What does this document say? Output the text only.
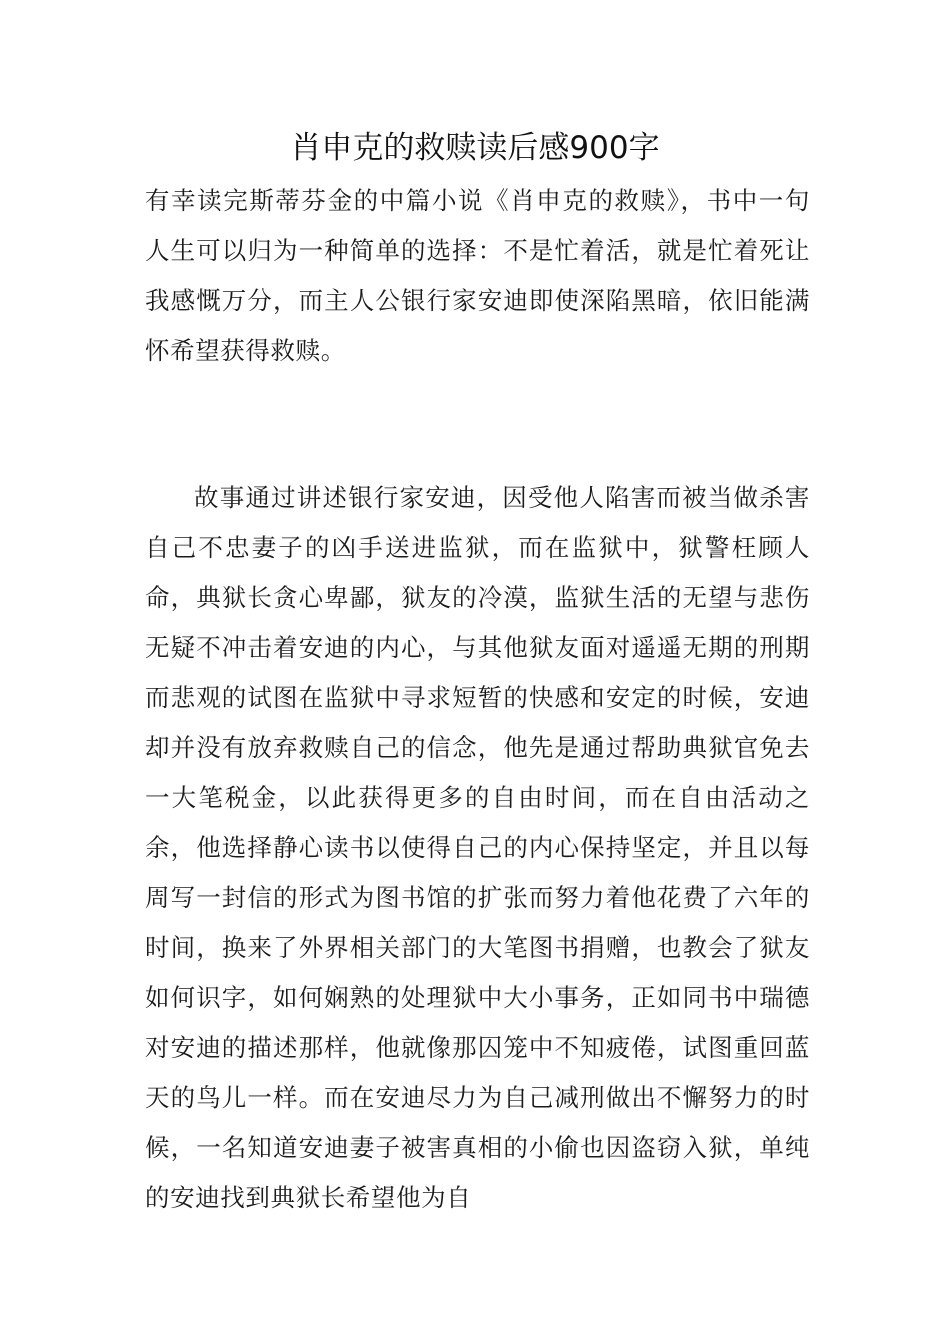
肖申克的救赎读后感900字

有幸读完斯蒂芬金的中篇小说《肖申克的救赎》，书中一句人生可以归为一种简单的选择：不是忙着活，就是忙着死让我感慨万分，而主人公银行家安迪即使深陷黑暗，依旧能满怀希望获得救赎。

故事通过讲述银行家安迪，因受他人陷害而被当做杀害自己不忠妻子的凶手送进监狱，而在监狱中，狱警枉顾人命，典狱长贪心卑鄙，狱友的冷漠，监狱生活的无望与悲伤无疑不冲击着安迪的内心，与其他狱友面对遥遥无期的刑期而悲观的试图在监狱中寻求短暂的快感和安定的时候，安迪却并没有放弃救赎自己的信念，他先是通过帮助典狱官免去一大笔税金，以此获得更多的自由时间，而在自由活动之余，他选择静心读书以使得自己的内心保持坚定，并且以每周写一封信的形式为图书馆的扩张而努力着他花费了六年的时间，换来了外界相关部门的大笔图书捐赠，也教会了狱友如何识字，如何娴熟的处理狱中大小事务，正如同书中瑞德对安迪的描述那样，他就像那囚笼中不知疲倦，试图重回蓝天的鸟儿一样。而在安迪尽力为自己减刑做出不懈努力的时候，一名知道安迪妻子被害真相的小偷也因盗窃入狱，单纯的安迪找到典狱长希望他为自
